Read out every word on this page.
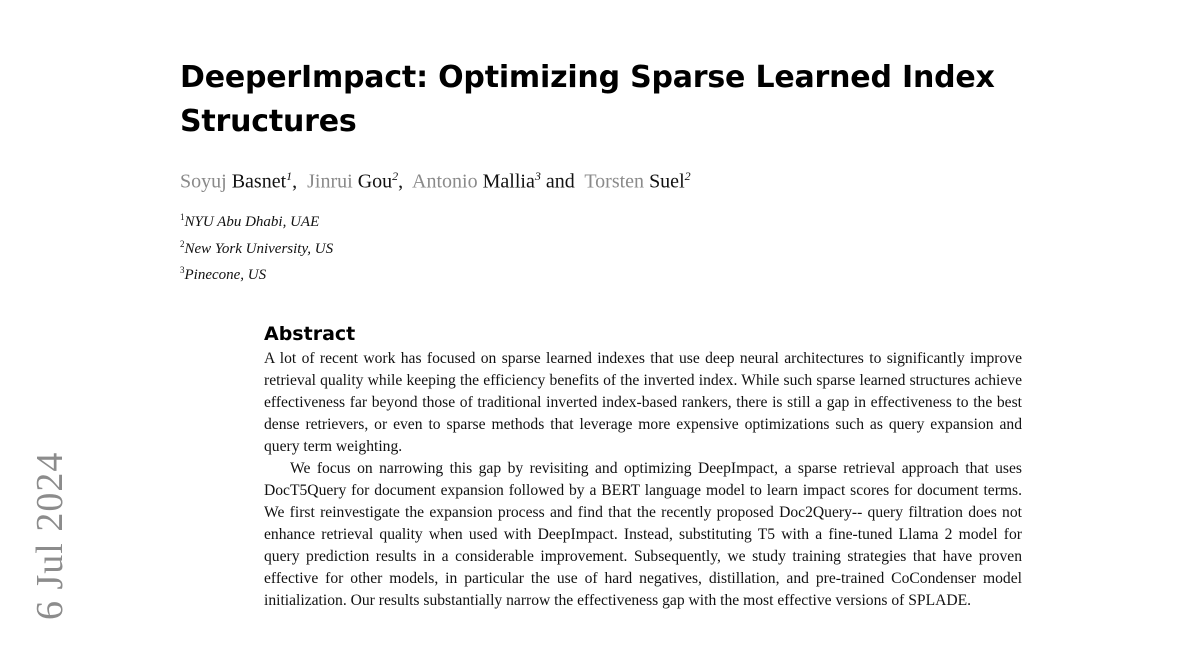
DeeperImpact: Optimizing Sparse Learned Index
Structures
Soyuj Basnet$^1$, Jinrui Gou$^2$, Antonio Mallia$^3$ and Torsten Suel$^2$
$^1$NYU Abu Dhabi, UAE
$^2$New York University, US
$^3$Pinecone, US
Abstract

A lot of recent work has focused on sparse learned indexes that use deep neural architectures to significantly improve retrieval quality while keeping the efficiency benefits of the inverted index. While such sparse learned structures achieve effectiveness far beyond those of traditional inverted index-based rankers, there is still a gap in effectiveness to the best dense retrievers, or even to sparse methods that leverage more expensive optimizations such as query expansion and query term weighting.

We focus on narrowing this gap by revisiting and optimizing DeepImpact, a sparse retrieval approach that uses DocT5Query for document expansion followed by a BERT language model to learn impact scores for document terms. We first reinvestigate the expansion process and find that the recently proposed Doc2Query-- query filtration does not enhance retrieval quality when used with DeepImpact. Instead, substituting T5 with a fine-tuned Llama 2 model for query prediction results in a considerable improvement. Subsequently, we study training strategies that have proven effective for other models, in particular the use of hard negatives, distillation, and pre-trained CoCondenser model initialization. Our results substantially narrow the effectiveness gap with the most effective versions of SPLADE.

6 Jul 2024
